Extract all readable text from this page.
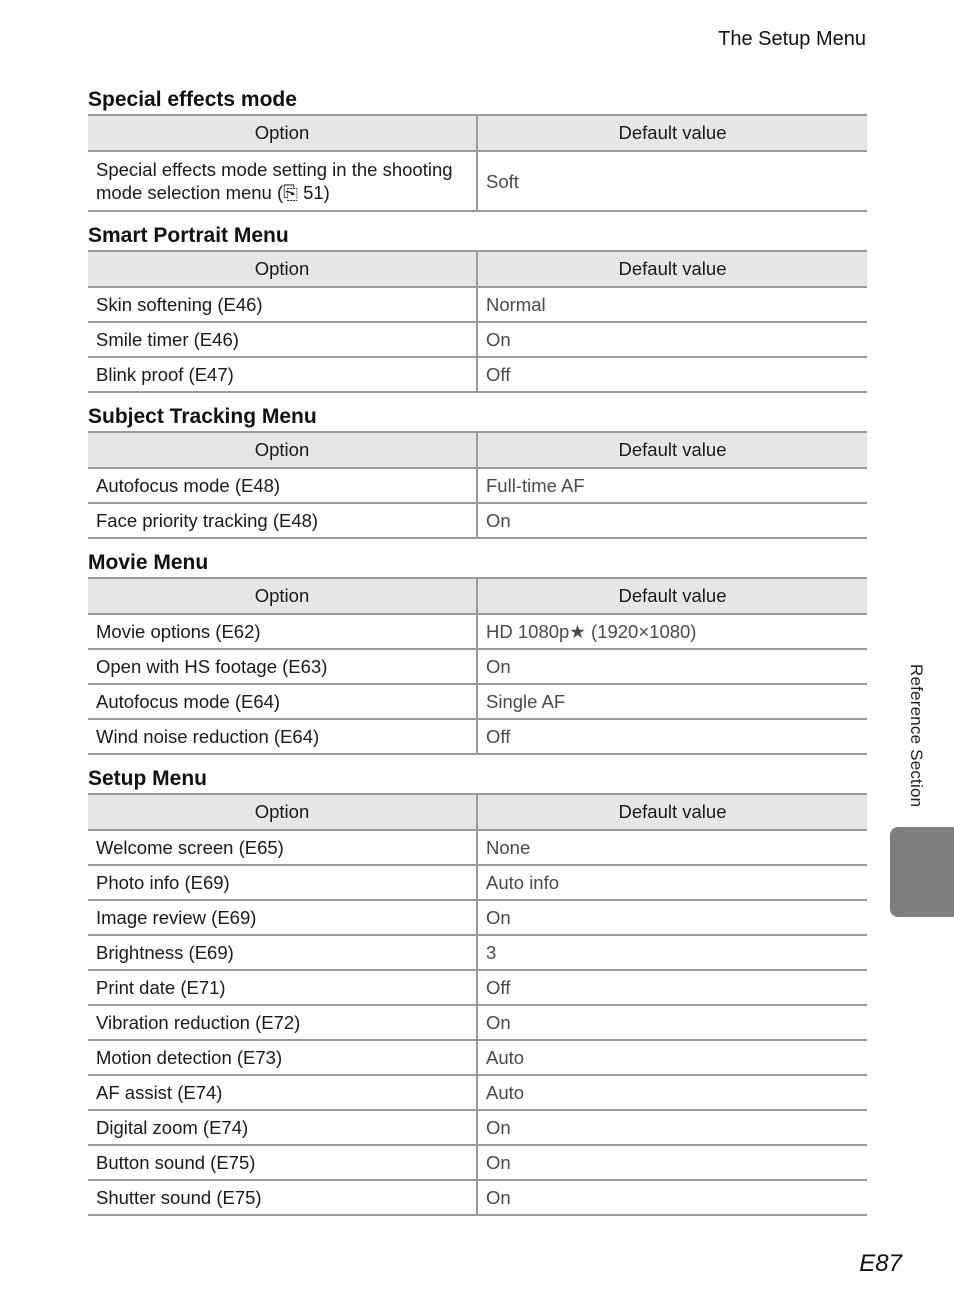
The Setup Menu
Special effects mode
Option	Default value
Special effects mode setting in the shooting mode selection menu (⎘ 51)	Soft
Smart Portrait Menu
Option	Default value
Skin softening (E46)	Normal
Smile timer (E46)	On
Blink proof (E47)	Off
Subject Tracking Menu
Option	Default value
Autofocus mode (E48)	Full-time AF
Face priority tracking (E48)	On
Movie Menu
Option	Default value
Movie options (E62)	HD 1080p★ (1920×1080)
Open with HS footage (E63)	On
Autofocus mode (E64)	Single AF
Wind noise reduction (E64)	Off
Setup Menu
Option	Default value
Welcome screen (E65)	None
Photo info (E69)	Auto info
Image review (E69)	On
Brightness (E69)	3
Print date (E71)	Off
Vibration reduction (E72)	On
Motion detection (E73)	Auto
AF assist (E74)	Auto
Digital zoom (E74)	On
Button sound (E75)	On
Shutter sound (E75)	On
Reference Section
E87
